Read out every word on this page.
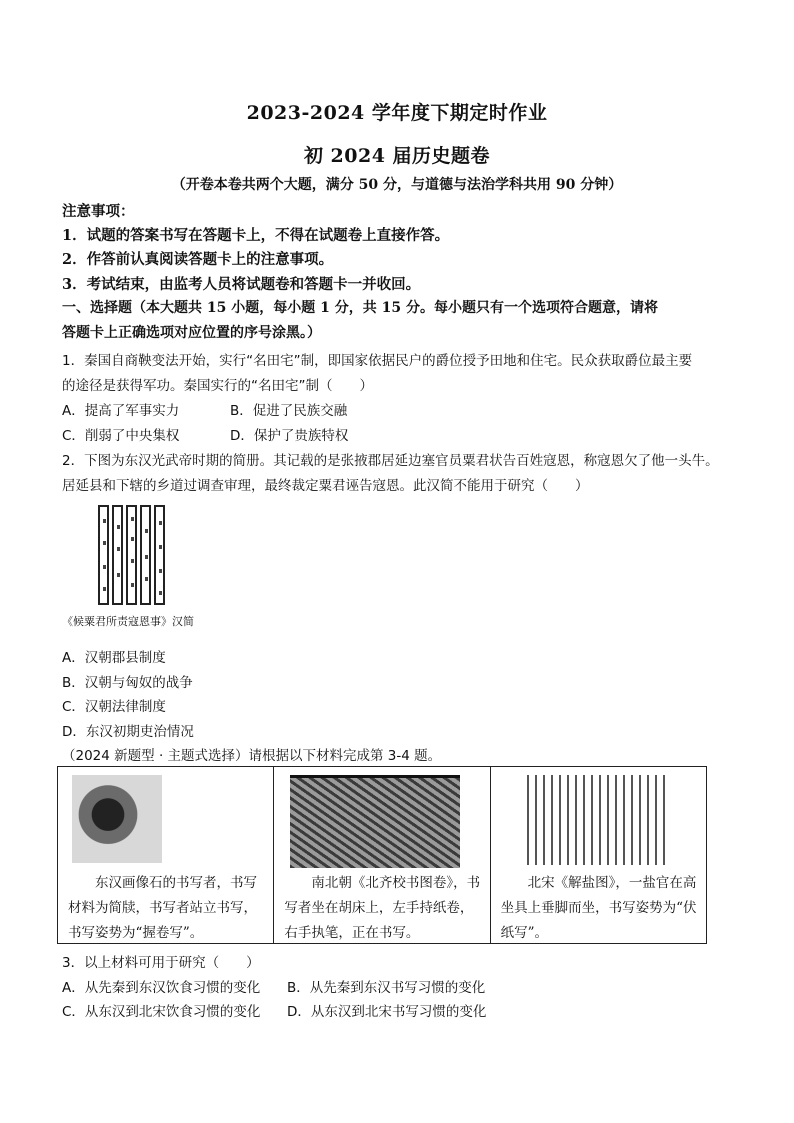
2023-2024 学年度下期定时作业
初 2024 届历史题卷
（开卷本卷共两个大题，满分 50 分，与道德与法治学科共用 90 分钟）
注意事项：
1．试题的答案书写在答题卡上，不得在试题卷上直接作答。
2．作答前认真阅读答题卡上的注意事项。
3．考试结束，由监考人员将试题卷和答题卡一并收回。
一、选择题（本大题共 15 小题，每小题 1 分，共 15 分。每小题只有一个选项符合题意，请将
答题卡上正确选项对应位置的序号涂黑。）
1．秦国自商鞅变法开始，实行“名田宅”制，即国家依据民户的爵位授予田地和住宅。民众获取爵位最主要
的途径是获得军功。秦国实行的“名田宅”制（　　）
A．提高了军事实力	B．促进了民族交融
C．削弱了中央集权	D．保护了贵族特权
2．下图为东汉光武帝时期的简册。其记载的是张掖郡居延边塞官员粟君状告百姓寇恩，称寇恩欠了他一头牛。
居延县和下辖的乡道过调查审理，最终裁定粟君诬告寇恩。此汉简不能用于研究（　　）
《候粟君所责寇恩事》汉简
A．汉朝郡县制度
B．汉朝与匈奴的战争
C．汉朝法律制度
D．东汉初期吏治情况
（2024 新题型 · 主题式选择）请根据以下材料完成第 3-4 题。
东汉画像石的书写者，书写材料为简牍，书写者站立书写，书写姿势为“握卷写”。

南北朝《北齐校书图卷》，书写者坐在胡床上，左手持纸卷，右手执笔，正在书写。

北宋《解盐图》，一盐官在高坐具上垂脚而坐，书写姿势为“伏纸写”。
3．以上材料可用于研究（　　）
A．从先秦到东汉饮食习惯的变化 B．从先秦到东汉书写习惯的变化
C．从东汉到北宋饮食习惯的变化 D．从东汉到北宋书写习惯的变化
